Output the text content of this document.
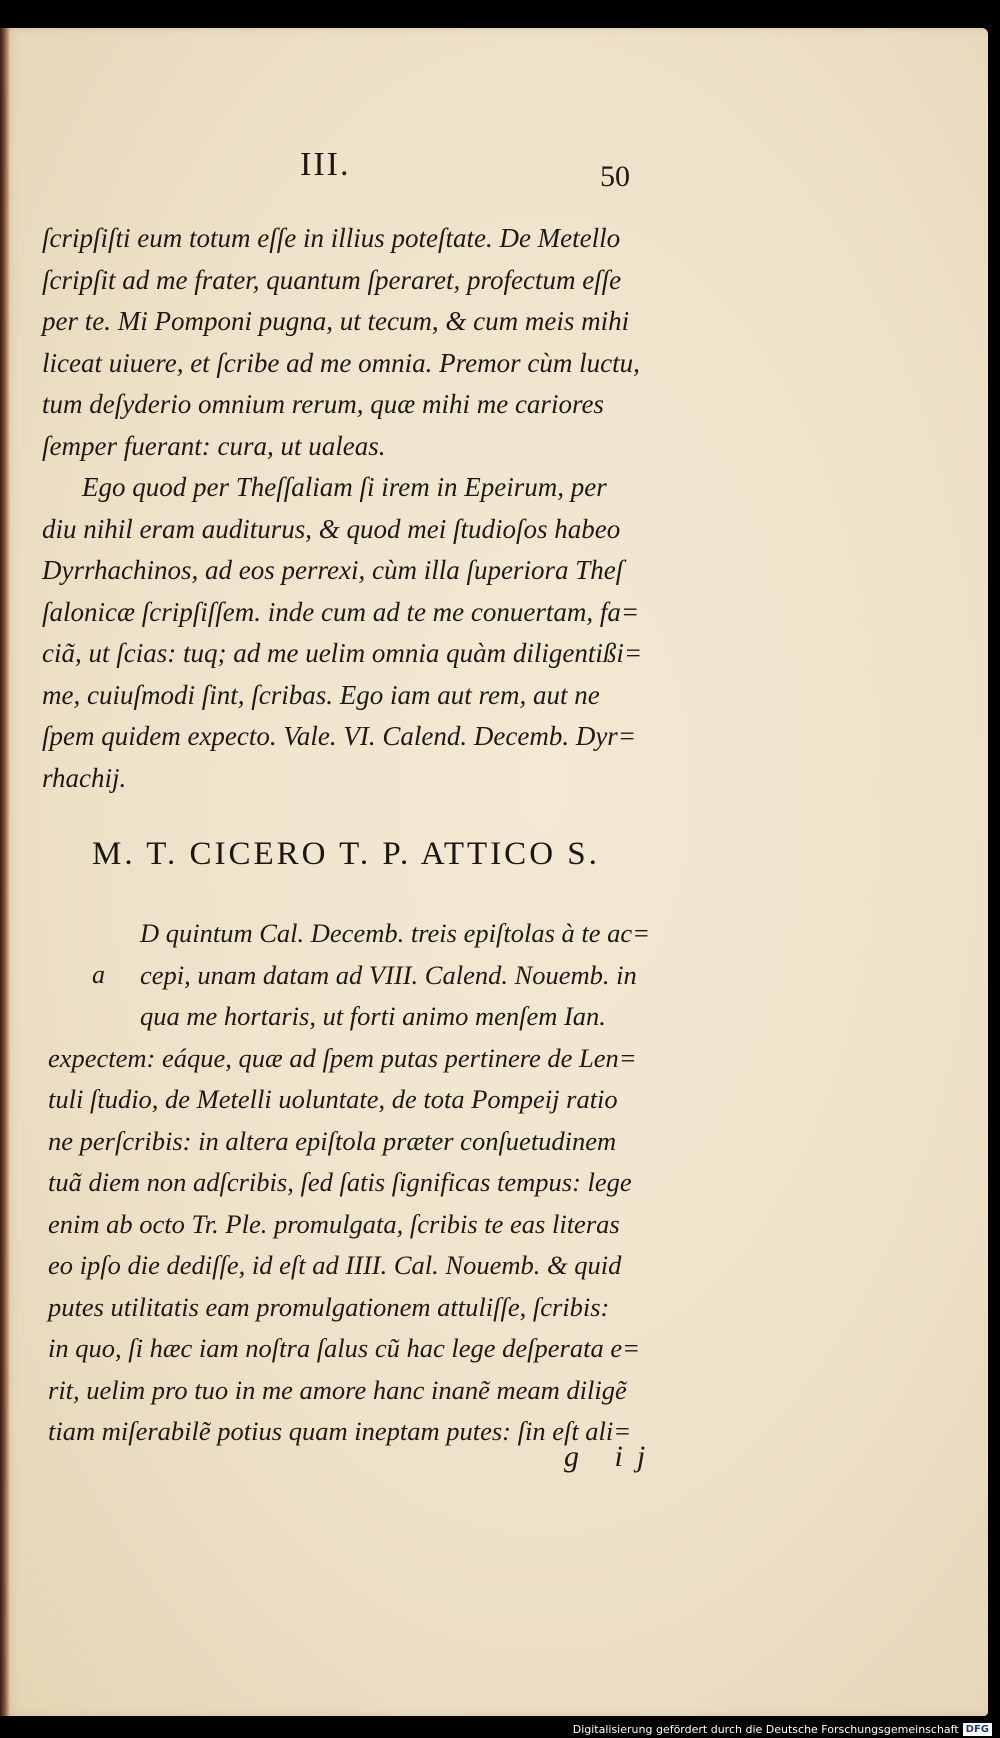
III.	50
ſcripſiſti eum totum eſſe in illius poteſtate. De Metello
ſcripſit ad me frater, quantum ſperaret, profectum eſſe
per te. Mi Pomponi pugna, ut tecum, & cum meis mihi
liceat uiuere, et ſcribe ad me omnia. Premor cùm luctu,
tum deſyderio omnium rerum, quæ mihi me cariores
ſemper fuerant: cura, ut ualeas.
Ego quod per Theſſaliam ſi irem in Epeirum, per
diu nihil eram auditurus, & quod mei ſtudioſos habeo
Dyrrhachinos, ad eos perrexi, cùm illa ſuperiora Theſ
ſalonicæ ſcripſiſſem. inde cum ad te me conuertam, fa=
ciã, ut ſcias: tuq; ad me uelim omnia quàm diligentißi=
me, cuiuſmodi ſint, ſcribas. Ego iam aut rem, aut ne
ſpem quidem expecto. Vale. VI. Calend. Decemb. Dyr=
rhachij.
M. T. CICERO T. P. ATTICO S.
a
D quintum Cal. Decemb. treis epiſtolas à te ac=
cepi, unam datam ad VIII. Calend. Nouemb. in
qua me hortaris, ut forti animo menſem Ian.
expectem: eáque, quæ ad ſpem putas pertinere de Len=
tuli ſtudio, de Metelli uoluntate, de tota Pompeij ratio
ne perſcribis: in altera epiſtola præter conſuetudinem
tuã diem non adſcribis, ſed ſatis ſignificas tempus: lege
enim ab octo Tr. Ple. promulgata, ſcribis te eas literas
eo ipſo die dediſſe, id eſt ad IIII. Cal. Nouemb. & quid
putes utilitatis eam promulgationem attuliſſe, ſcribis:
in quo, ſi hæc iam noſtra ſalus cũ hac lege deſperata e=
rit, uelim pro tuo in me amore hanc inanẽ meam diligẽ
tiam miſerabilẽ potius quam ineptam putes: ſin eſt ali=
g ij
Digitalisierung gefördert durch die Deutsche Forschungsgemeinschaft DFG
